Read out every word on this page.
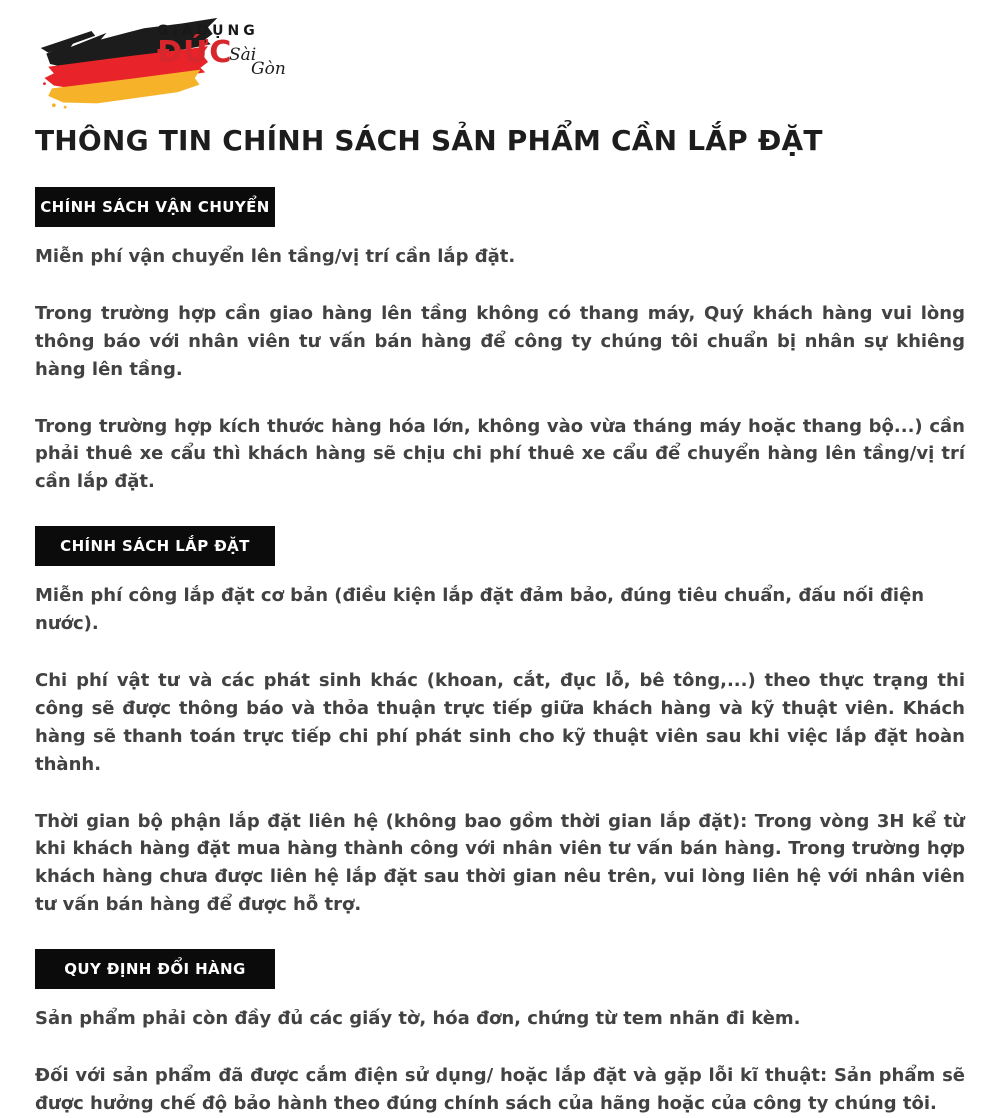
GIADỤNG
ĐỨC
Sài
Gòn
THÔNG TIN CHÍNH SÁCH SẢN PHẨM CẦN LẮP ĐẶT
CHÍNH SÁCH VẬN CHUYỂN

Miễn phí vận chuyển lên tầng/vị trí cần lắp đặt.

Trong trường hợp cần giao hàng lên tầng không có thang máy, Quý khách hàng vui lòng thông báo với nhân viên tư vấn bán hàng để công ty chúng tôi chuẩn bị nhân sự khiêng hàng lên tầng.

Trong trường hợp kích thước hàng hóa lớn, không vào vừa tháng máy hoặc thang bộ...) cần phải thuê xe cẩu thì khách hàng sẽ chịu chi phí thuê xe cẩu để chuyển hàng lên tầng/vị trí cần lắp đặt.

CHÍNH SÁCH LẮP ĐẶT

Miễn phí công lắp đặt cơ bản (điều kiện lắp đặt đảm bảo, đúng tiêu chuẩn, đấu nối điện nước).

Chi phí vật tư và các phát sinh khác (khoan, cắt, đục lỗ, bê tông,...) theo thực trạng thi công sẽ được thông báo và thỏa thuận trực tiếp giữa khách hàng và kỹ thuật viên. Khách hàng sẽ thanh toán trực tiếp chi phí phát sinh cho kỹ thuật viên sau khi việc lắp đặt hoàn thành.

Thời gian bộ phận lắp đặt liên hệ (không bao gồm thời gian lắp đặt): Trong vòng 3H kể từ khi khách hàng đặt mua hàng thành công với nhân viên tư vấn bán hàng. Trong trường hợp khách hàng chưa được liên hệ lắp đặt sau thời gian nêu trên, vui lòng liên hệ với nhân viên tư vấn bán hàng để được hỗ trợ.

QUY ĐỊNH ĐỔI HÀNG

Sản phẩm phải còn đầy đủ các giấy tờ, hóa đơn, chứng từ tem nhãn đi kèm.

Đối với sản phẩm đã được cắm điện sử dụng/ hoặc lắp đặt và gặp lỗi kĩ thuật: Sản phẩm sẽ được hưởng chế độ bảo hành theo đúng chính sách của hãng hoặc của công ty chúng tôi.
